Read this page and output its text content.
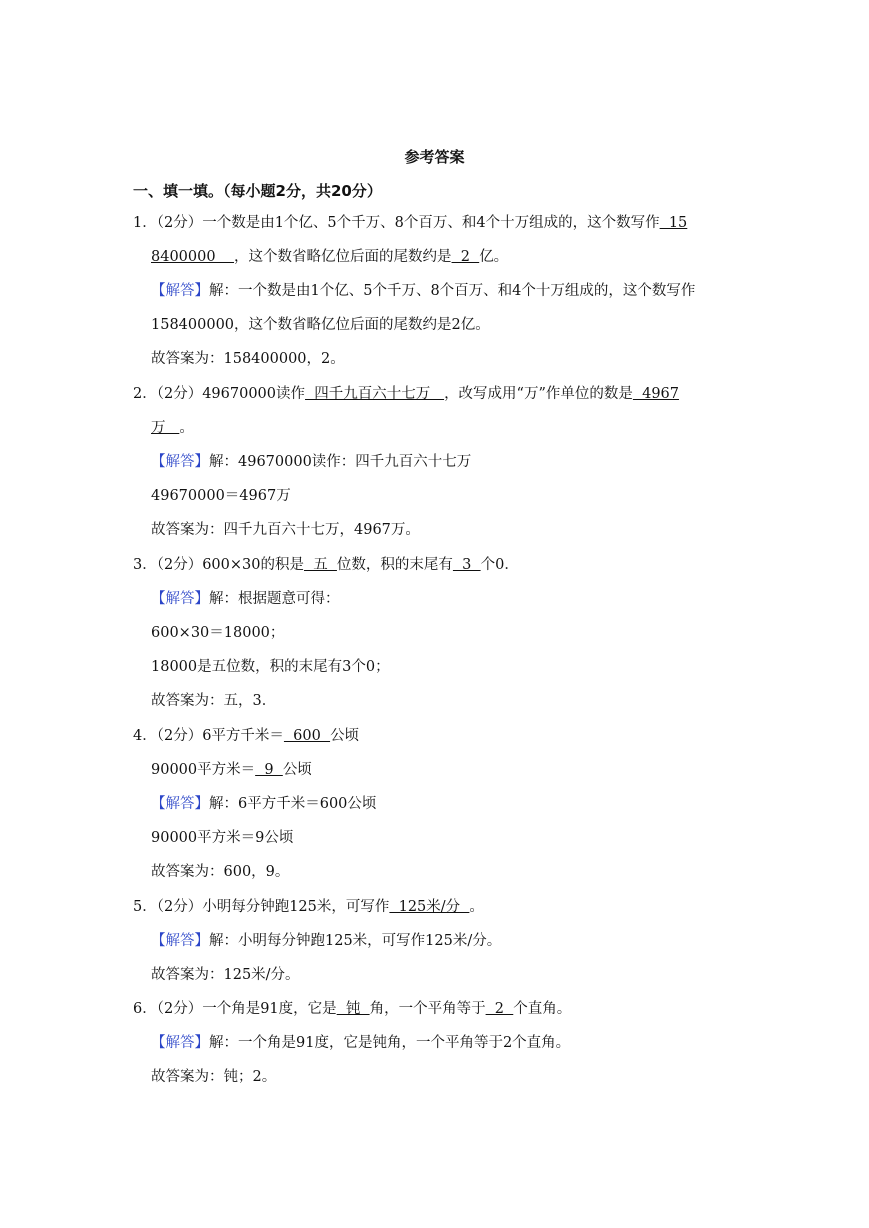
参考答案
一、填一填。（每小题2分，共20分）
1．（2分）一个数是由1个亿、5个千万、8个百万、和4个十万组成的，这个数写作  15
8400000    ，这个数省略亿位后面的尾数约是  2  亿。
【解答】解：一个数是由1个亿、5个千万、8个百万、和4个十万组成的，这个数写作
158400000，这个数省略亿位后面的尾数约是2亿。
故答案为：158400000，2。
2．（2分）49670000读作  四千九百六十七万   ，改写成用“万”作单位的数是  4967
万   。
【解答】解：49670000读作：四千九百六十七万
49670000＝4967万
故答案为：四千九百六十七万，4967万。
3．（2分）600×30的积是  五  位数，积的末尾有  3  个0．
【解答】解：根据题意可得：
600×30＝18000；
18000是五位数，积的末尾有3个0；
故答案为：五，3．
4．（2分）6平方千米＝  600  公顷
90000平方米＝  9  公顷
【解答】解：6平方千米＝600公顷
90000平方米＝9公顷
故答案为：600，9。
5．（2分）小明每分钟跑125米，可写作  125米/分  。
【解答】解：小明每分钟跑125米，可写作125米/分。
故答案为：125米/分。
6．（2分）一个角是91度，它是  钝  角，一个平角等于  2  个直角。
【解答】解：一个角是91度，它是钝角，一个平角等于2个直角。
故答案为：钝；2。
